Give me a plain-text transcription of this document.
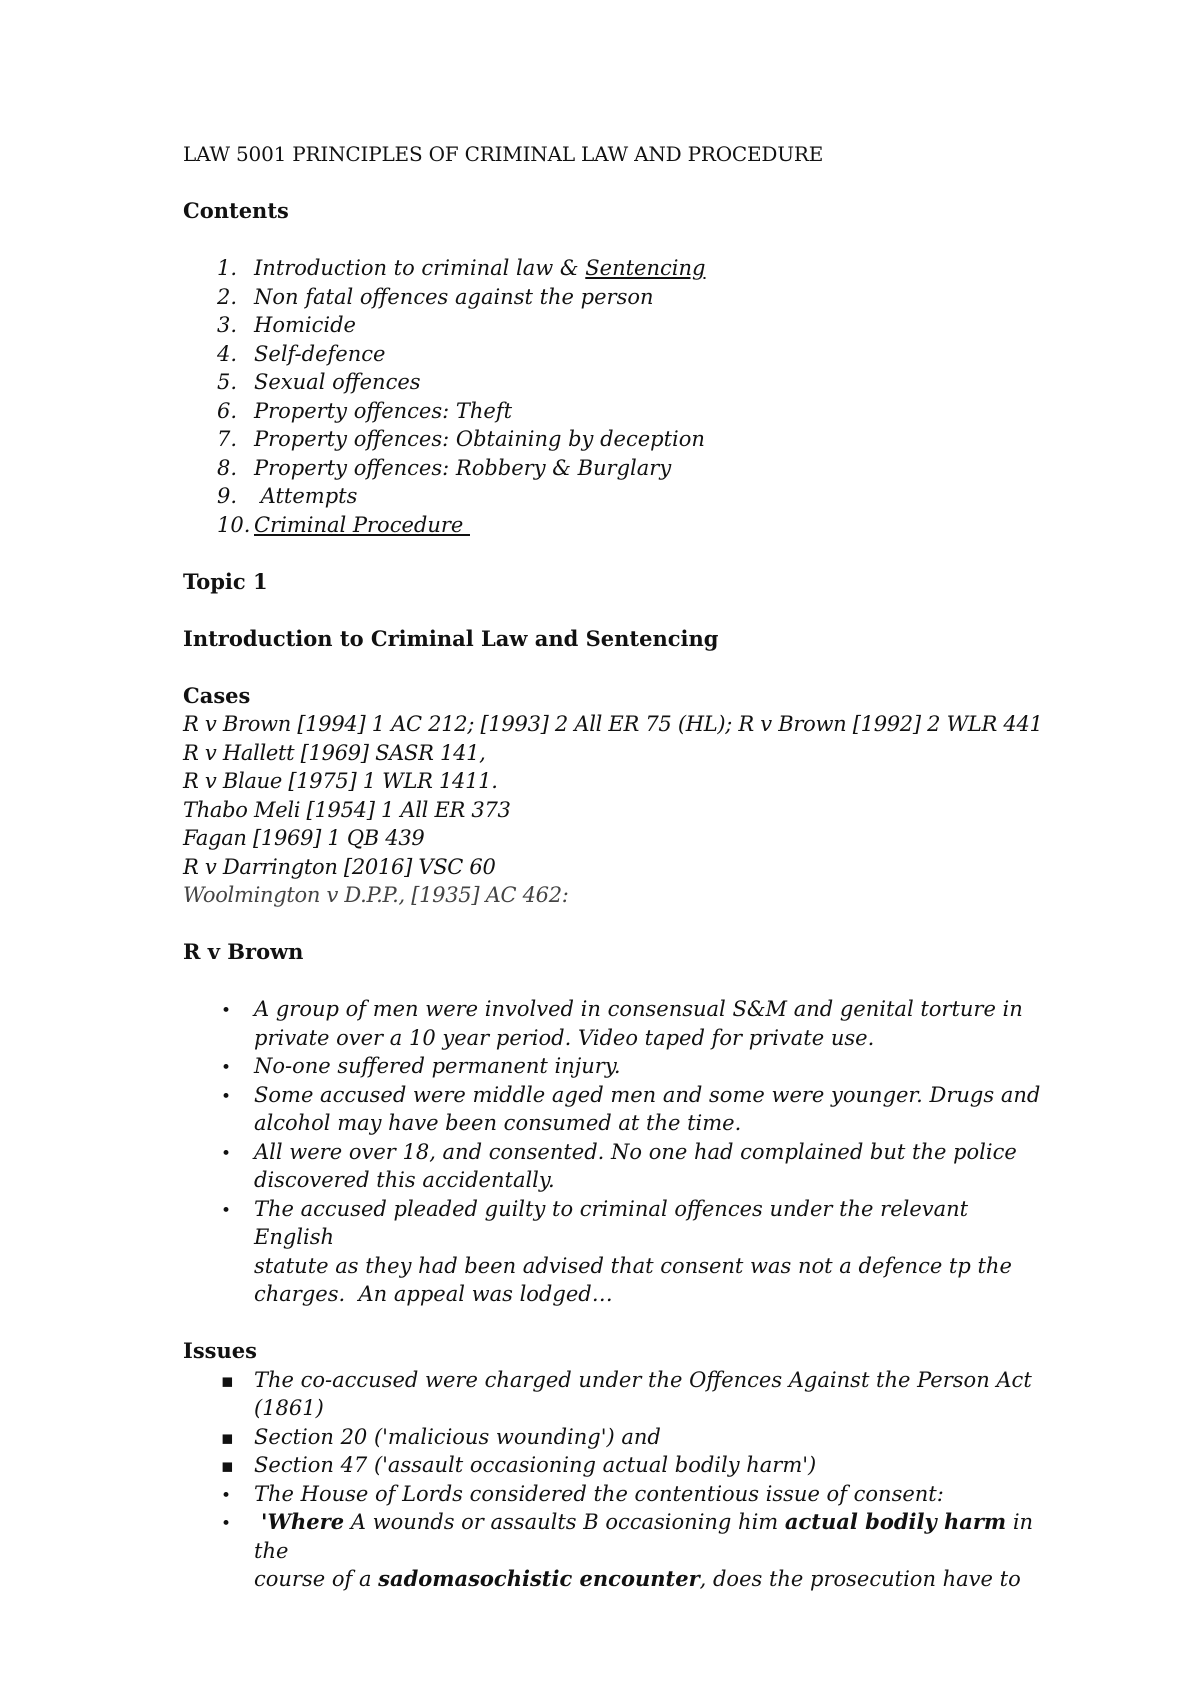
LAW 5001 PRINCIPLES OF CRIMINAL LAW AND PROCEDURE
Contents
1. Introduction to criminal law & Sentencing
2. Non fatal offences against the person
3. Homicide
4. Self-defence
5. Sexual offences
6. Property offences: Theft
7. Property offences: Obtaining by deception
8. Property offences: Robbery & Burglary
9. Attempts
10. Criminal Procedure
Topic 1
Introduction to Criminal Law and Sentencing
Cases
R v Brown [1994] 1 AC 212; [1993] 2 All ER 75 (HL); R v Brown [1992] 2 WLR 441
R v Hallett [1969] SASR 141,
R v Blaue [1975] 1 WLR 1411.
Thabo Meli [1954] 1 All ER 373
Fagan [1969] 1 QB 439
R v Darrington [2016] VSC 60
Woolmington v D.P.P., [1935] AC 462:
R v Brown
•
A group of men were involved in consensual S&M and genital torture in
private over a 10 year period. Video taped for private use.
•
No-one suffered permanent injury.
•
Some accused were middle aged men and some were younger. Drugs and
alcohol may have been consumed at the time.
•
All were over 18, and consented. No one had complained but the police
discovered this accidentally.
•
The accused pleaded guilty to criminal offences under the relevant English
statute as they had been advised that consent was not a defence tp the
charges.  An appeal was lodged…
Issues
▪
The co-accused were charged under the Offences Against the Person Act
(1861)
▪
Section 20 ('malicious wounding') and
▪
Section 47 ('assault occasioning actual bodily harm')
•
The House of Lords considered the contentious issue of consent:
•
'Where A wounds or assaults B occasioning him actual bodily harm in the
course of a sadomasochistic encounter, does the prosecution have to
